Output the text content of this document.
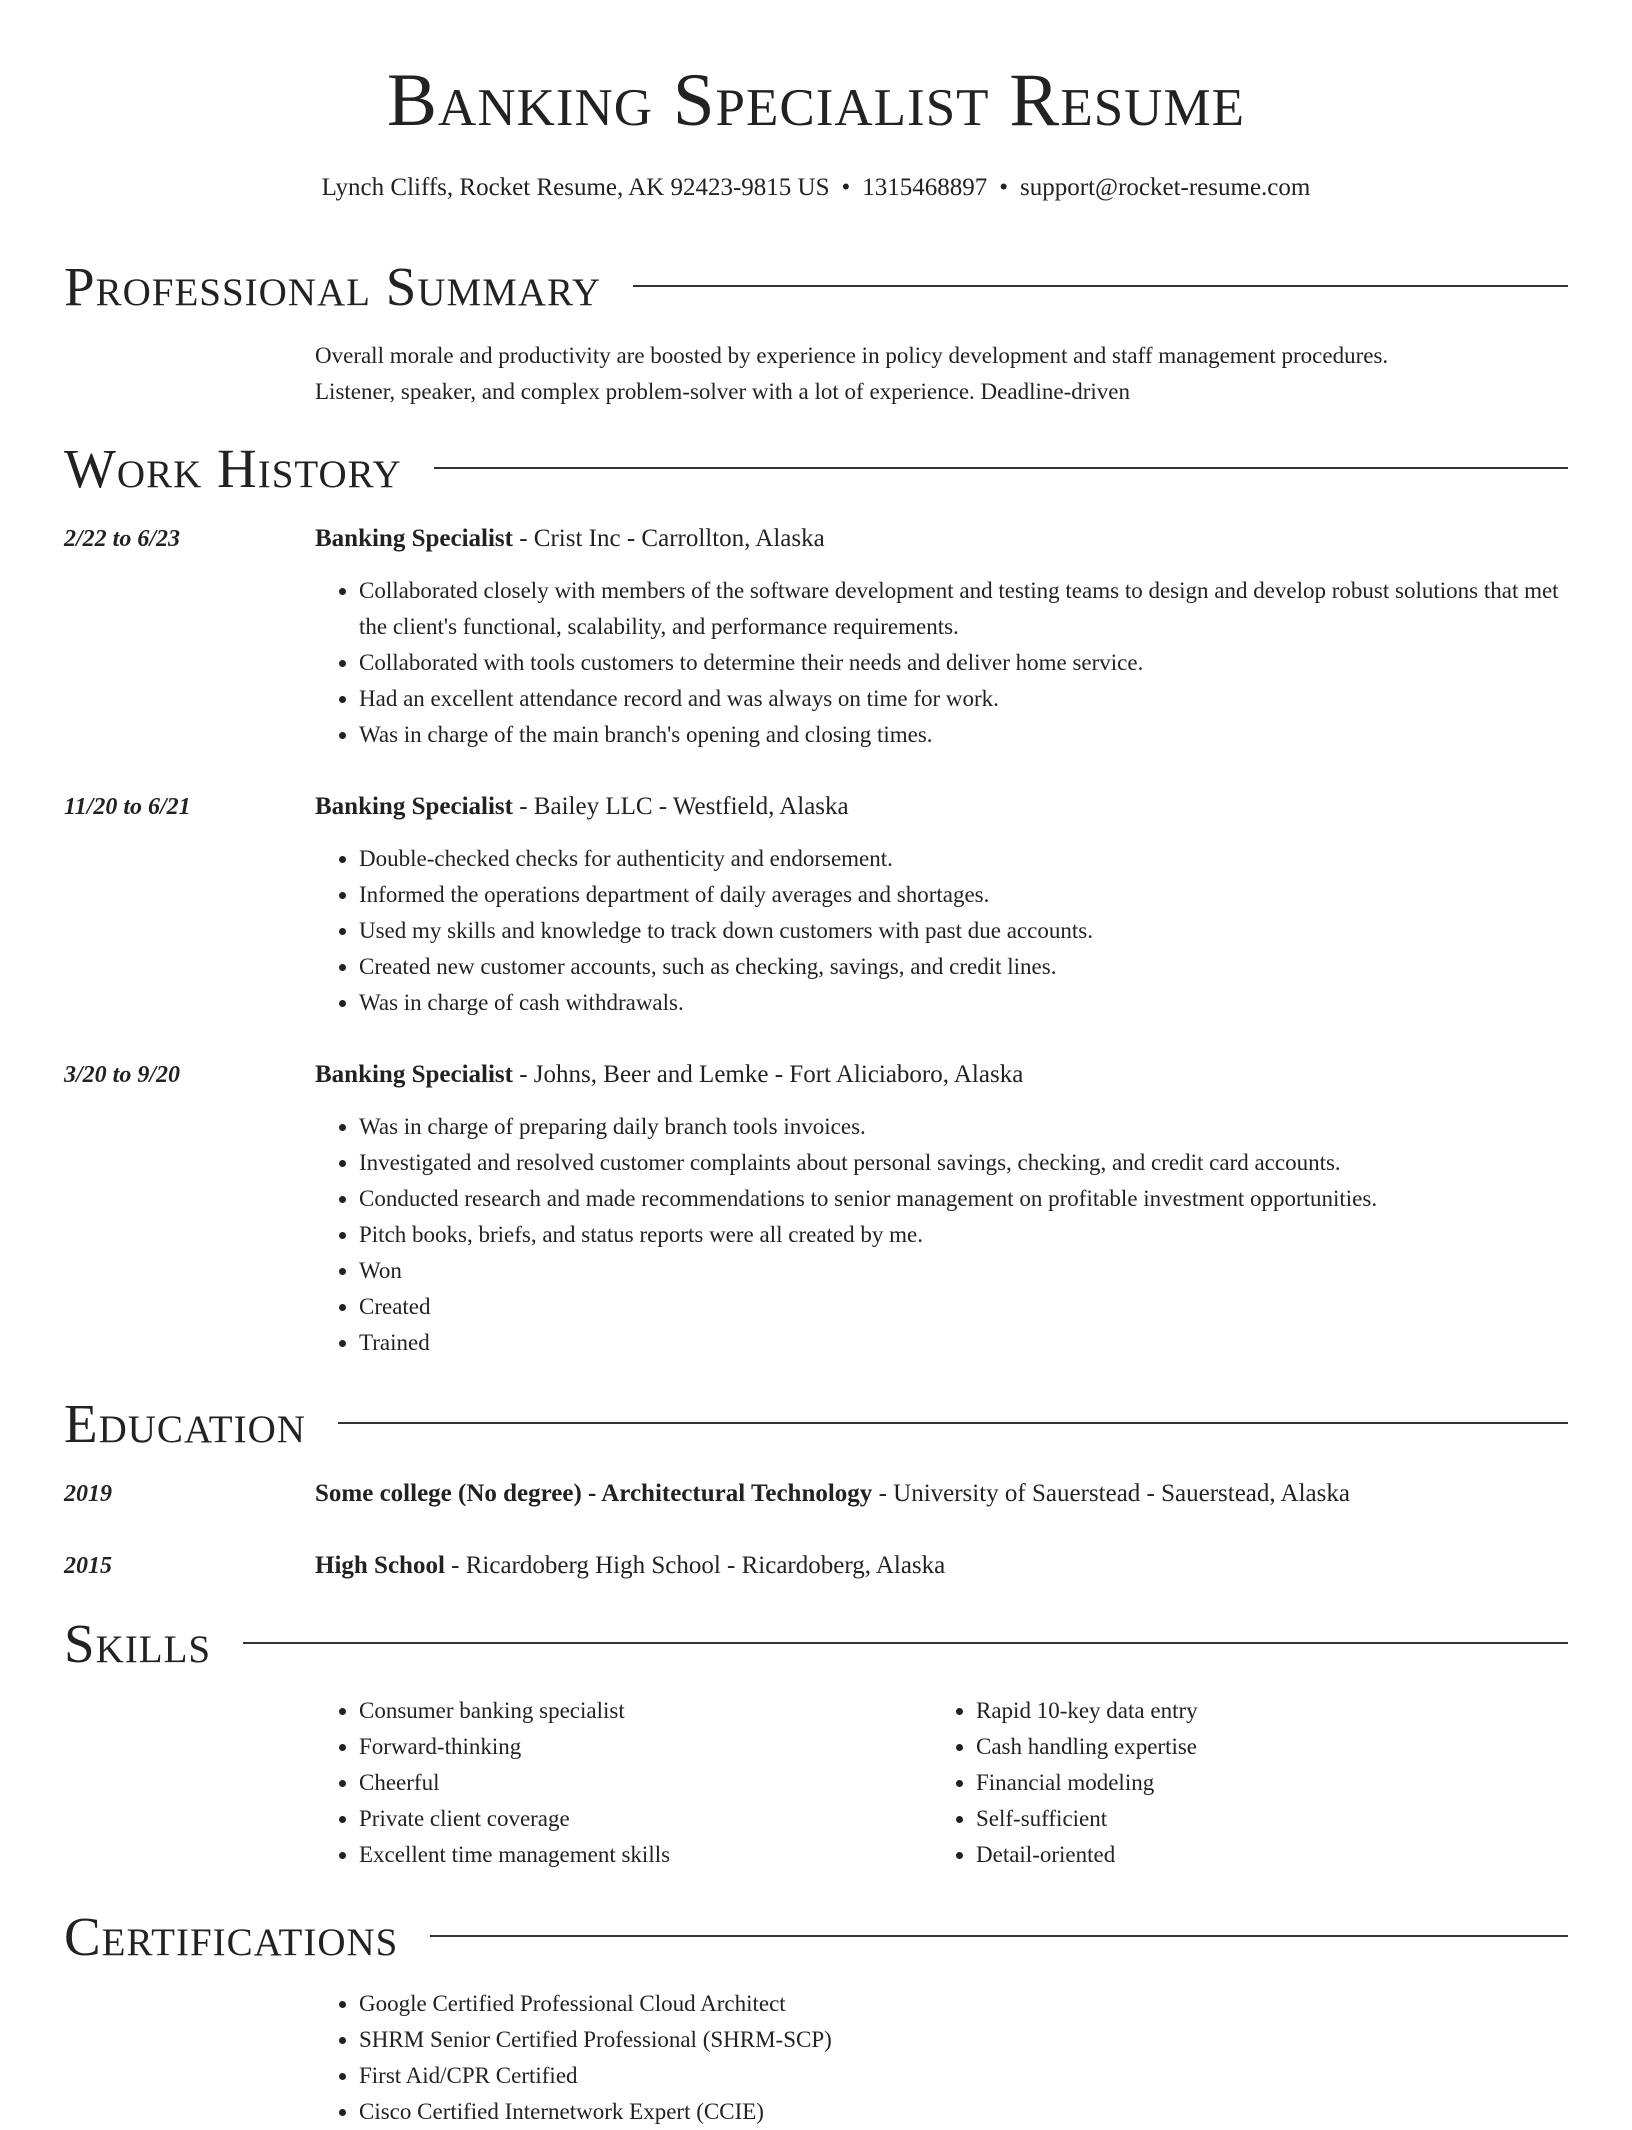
Banking Specialist Resume
Lynch Cliffs, Rocket Resume, AK 92423-9815 US • 1315468897 • support@rocket-resume.com
Professional Summary
Overall morale and productivity are boosted by experience in policy development and staff management procedures.
Listener, speaker, and complex problem-solver with a lot of experience. Deadline-driven
Work History
2/22 to 6/23	Banking Specialist - Crist Inc - Carrollton, Alaska
• Collaborated closely with members of the software development and testing teams to design and develop robust solutions that met the client's functional, scalability, and performance requirements.
• Collaborated with tools customers to determine their needs and deliver home service.
• Had an excellent attendance record and was always on time for work.
• Was in charge of the main branch's opening and closing times.
11/20 to 6/21	Banking Specialist - Bailey LLC - Westfield, Alaska
• Double-checked checks for authenticity and endorsement.
• Informed the operations department of daily averages and shortages.
• Used my skills and knowledge to track down customers with past due accounts.
• Created new customer accounts, such as checking, savings, and credit lines.
• Was in charge of cash withdrawals.
3/20 to 9/20	Banking Specialist - Johns, Beer and Lemke - Fort Aliciaboro, Alaska
• Was in charge of preparing daily branch tools invoices.
• Investigated and resolved customer complaints about personal savings, checking, and credit card accounts.
• Conducted research and made recommendations to senior management on profitable investment opportunities.
• Pitch books, briefs, and status reports were all created by me.
• Won
• Created
• Trained
Education
2019	Some college (No degree) - Architectural Technology - University of Sauerstead - Sauerstead, Alaska
2015	High School - Ricardoberg High School - Ricardoberg, Alaska
Skills
• Consumer banking specialist
• Forward-thinking
• Cheerful
• Private client coverage
• Excellent time management skills
• Rapid 10-key data entry
• Cash handling expertise
• Financial modeling
• Self-sufficient
• Detail-oriented
Certifications
• Google Certified Professional Cloud Architect
• SHRM Senior Certified Professional (SHRM-SCP)
• First Aid/CPR Certified
• Cisco Certified Internetwork Expert (CCIE)
